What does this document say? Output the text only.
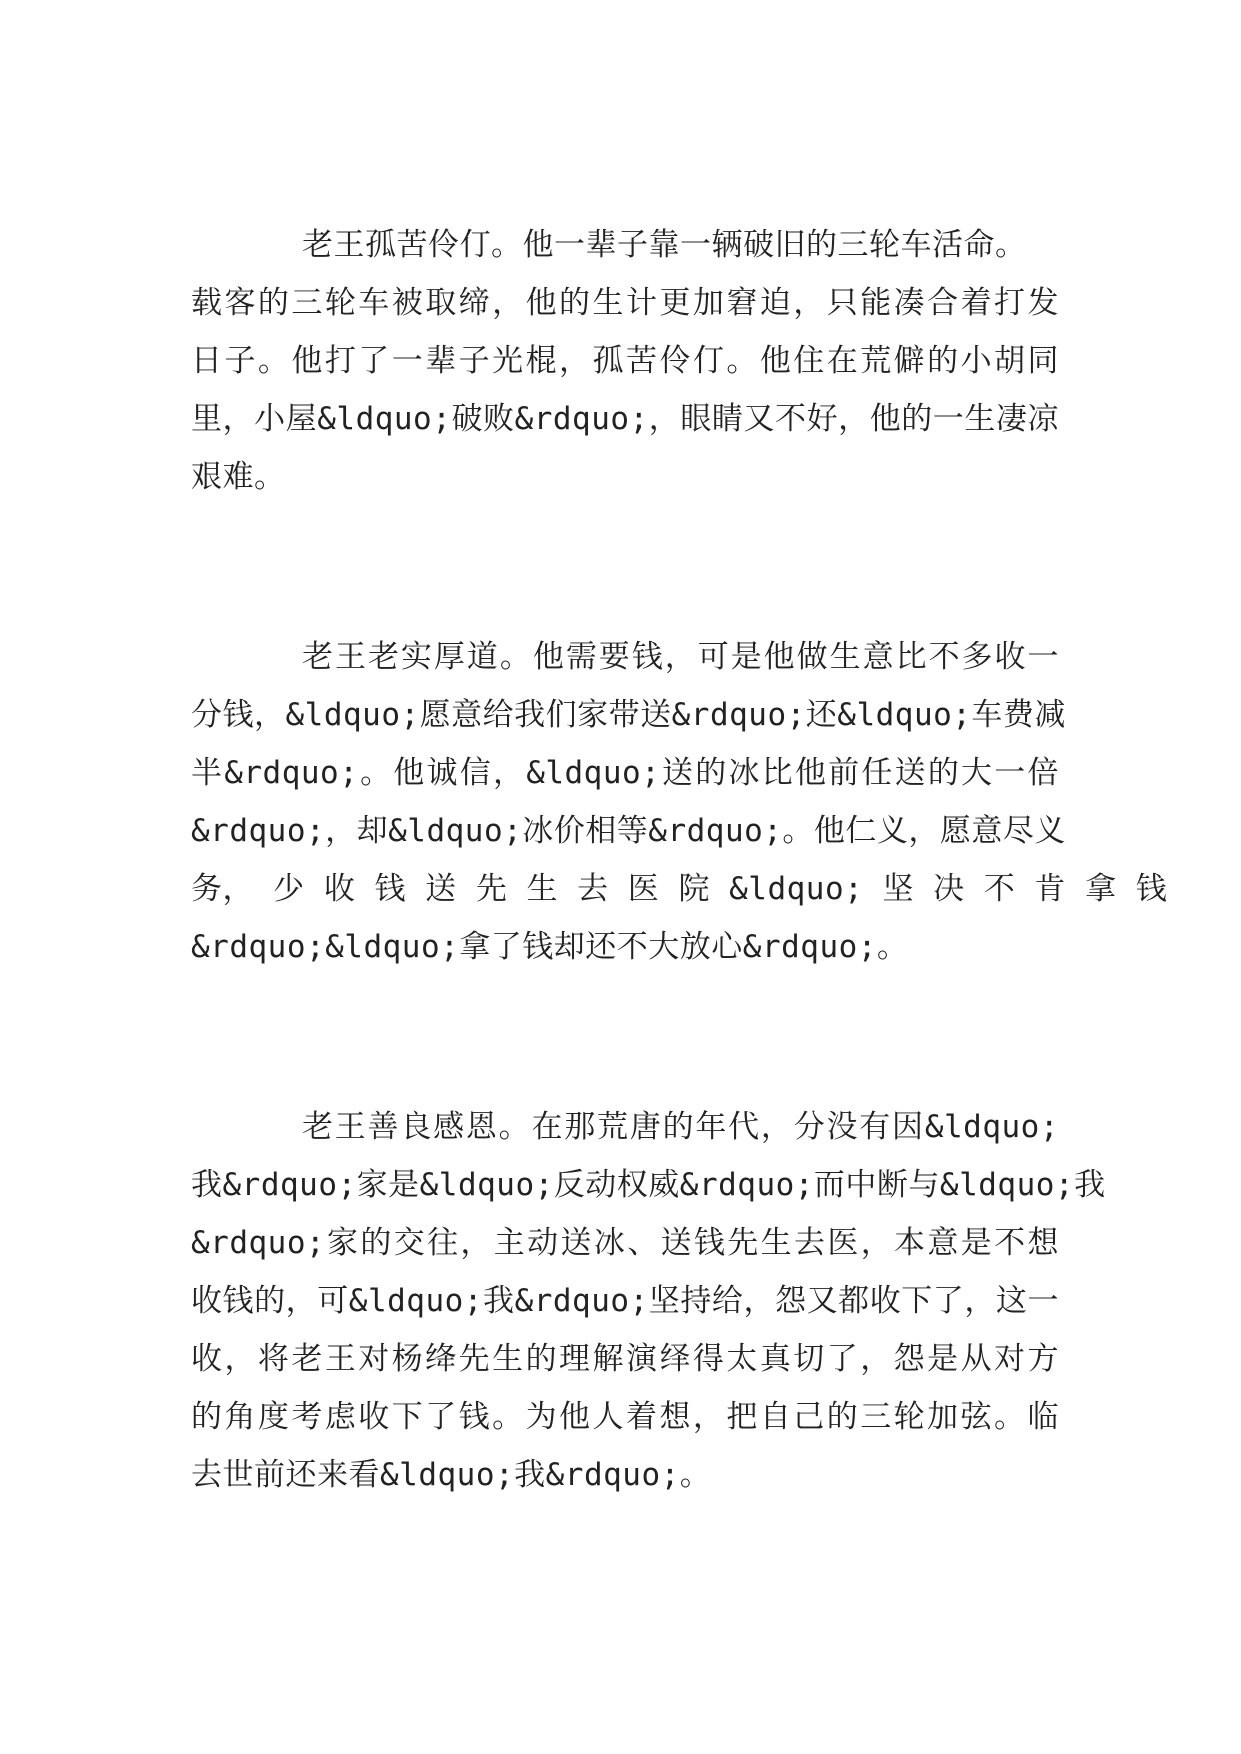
老王孤苦伶仃。他一辈子靠一辆破旧的三轮车活命。
载客的三轮车被取缔，他的生计更加窘迫，只能凑合着打发
日子。他打了一辈子光棍，孤苦伶仃。他住在荒僻的小胡同
里，小屋&ldquo;破败&rdquo;，眼睛又不好，他的一生凄凉
艰难。
老王老实厚道。他需要钱，可是他做生意比不多收一
分钱，&ldquo;愿意给我们家带送&rdquo;还&ldquo;车费减
半&rdquo;。他诚信，&ldquo;送的冰比他前任送的大一倍
&rdquo;，却&ldquo;冰价相等&rdquo;。他仁义，愿意尽义
务， 少 收 钱 送 先 生 去 医 院 &ldquo; 坚 决 不 肯 拿 钱
&rdquo;&ldquo;拿了钱却还不大放心&rdquo;。
老王善良感恩。在那荒唐的年代，分没有因&ldquo;
我&rdquo;家是&ldquo;反动权威&rdquo;而中断与&ldquo;我
&rdquo;家的交往，主动送冰、送钱先生去医，本意是不想
收钱的，可&ldquo;我&rdquo;坚持给，怨又都收下了，这一
收，将老王对杨绛先生的理解演绎得太真切了，怨是从对方
的角度考虑收下了钱。为他人着想，把自己的三轮加弦。临
去世前还来看&ldquo;我&rdquo;。
